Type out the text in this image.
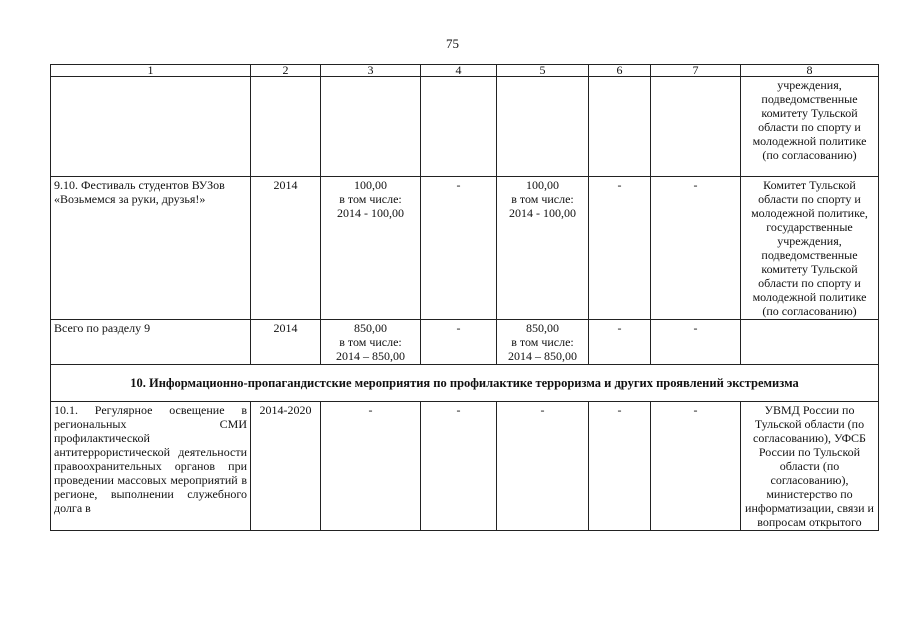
75
1	2	3	4	5	6	7	8
							учреждения, подведомственные комитету Тульской области по спорту и молодежной политике (по согласованию)
9.10. Фестиваль студентов ВУЗов «Возьмемся за руки, друзья!»	2014	100,00
в том числе:
2014 - 100,00	-	100,00
в том числе:
2014 - 100,00	-	-	Комитет Тульской области по спорту и молодежной политике, государственные учреждения, подведомственные комитету Тульской области по спорту и молодежной политике (по согласованию)
Всего по разделу 9	2014	850,00
в том числе:
2014 – 850,00	-	850,00
в том числе:
2014 – 850,00	-	-	
10. Информационно-пропагандистские мероприятия по профилактике терроризма и других проявлений экстремизма							
10.1. Регулярное освещение в региональных СМИ профилактической антитеррористической деятельности правоохранительных органов при проведении массовых мероприятий в регионе, выполнении служебного долга в	2014-2020	-	-	-	-	-	УВМД России по Тульской области (по согласованию), УФСБ России по Тульской области (по согласованию), министерство по информатизации, связи и вопросам открытого
